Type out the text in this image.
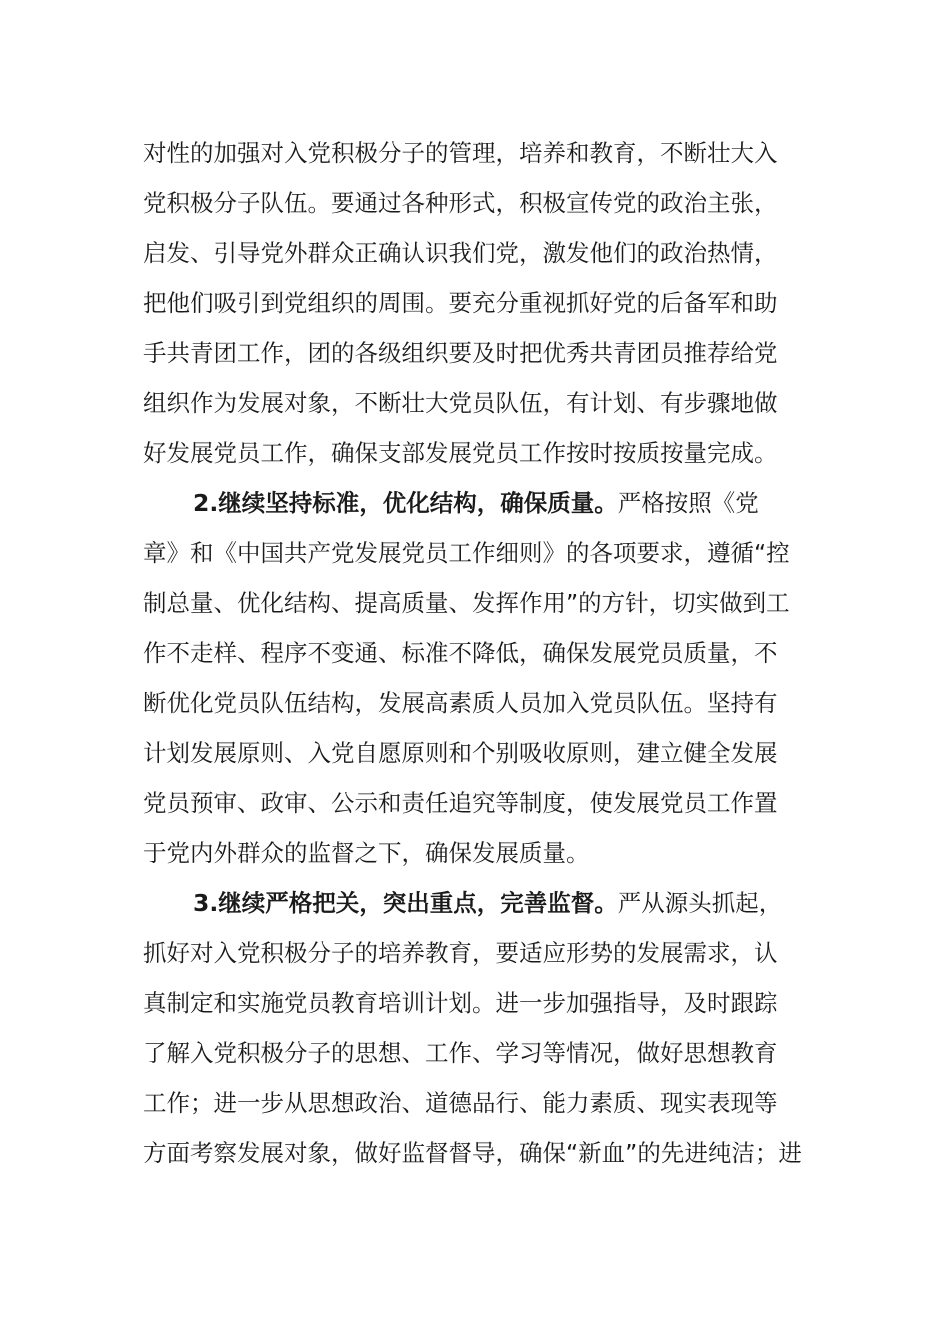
对性的加强对入党积极分子的管理，培养和教育，不断壮大入
党积极分子队伍。要通过各种形式，积极宣传党的政治主张，
启发、引导党外群众正确认识我们党，激发他们的政治热情，
把他们吸引到党组织的周围。要充分重视抓好党的后备军和助
手共青团工作，团的各级组织要及时把优秀共青团员推荐给党
组织作为发展对象，不断壮大党员队伍，有计划、有步骤地做
好发展党员工作，确保支部发展党员工作按时按质按量完成。
2.继续坚持标准，优化结构，确保质量。严格按照《党
章》和《中国共产党发展党员工作细则》的各项要求，遵循“控
制总量、优化结构、提高质量、发挥作用”的方针，切实做到工
作不走样、程序不变通、标准不降低，确保发展党员质量，不
断优化党员队伍结构，发展高素质人员加入党员队伍。坚持有
计划发展原则、入党自愿原则和个别吸收原则，建立健全发展
党员预审、政审、公示和责任追究等制度，使发展党员工作置
于党内外群众的监督之下，确保发展质量。
3.继续严格把关，突出重点，完善监督。严从源头抓起，
抓好对入党积极分子的培养教育，要适应形势的发展需求，认
真制定和实施党员教育培训计划。进一步加强指导，及时跟踪
了解入党积极分子的思想、工作、学习等情况，做好思想教育
工作；进一步从思想政治、道德品行、能力素质、现实表现等
方面考察发展对象，做好监督督导，确保“新血”的先进纯洁；进
